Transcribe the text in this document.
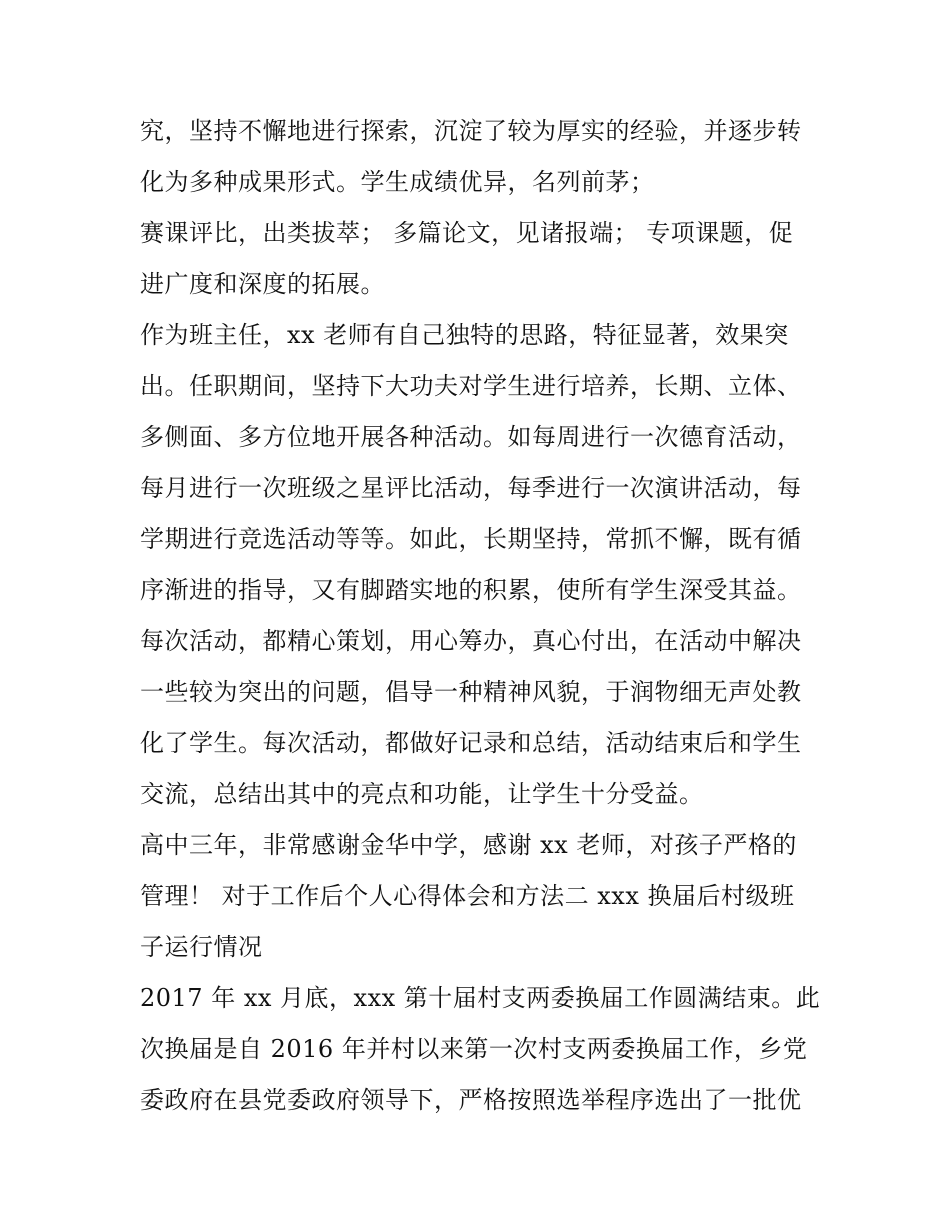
究，坚持不懈地进行探索，沉淀了较为厚实的经验，并逐步转
化为多种成果形式。学生成绩优异，名列前茅；
赛课评比，出类拔萃； 多篇论文，见诸报端； 专项课题，促
进广度和深度的拓展。
作为班主任，xx 老师有自己独特的思路，特征显著，效果突
出。任职期间，坚持下大功夫对学生进行培养，长期、立体、
多侧面、多方位地开展各种活动。如每周进行一次德育活动，
每月进行一次班级之星评比活动，每季进行一次演讲活动，每
学期进行竞选活动等等。如此，长期坚持，常抓不懈，既有循
序渐进的指导，又有脚踏实地的积累，使所有学生深受其益。
每次活动，都精心策划，用心筹办，真心付出，在活动中解决
一些较为突出的问题，倡导一种精神风貌，于润物细无声处教
化了学生。每次活动，都做好记录和总结，活动结束后和学生
交流，总结出其中的亮点和功能，让学生十分受益。
高中三年，非常感谢金华中学，感谢 xx 老师，对孩子严格的
管理！ 对于工作后个人心得体会和方法二 xxx 换届后村级班
子运行情况
2017 年 xx 月底，xxx 第十届村支两委换届工作圆满结束。此
次换届是自 2016 年并村以来第一次村支两委换届工作，乡党
委政府在县党委政府领导下，严格按照选举程序选出了一批优
